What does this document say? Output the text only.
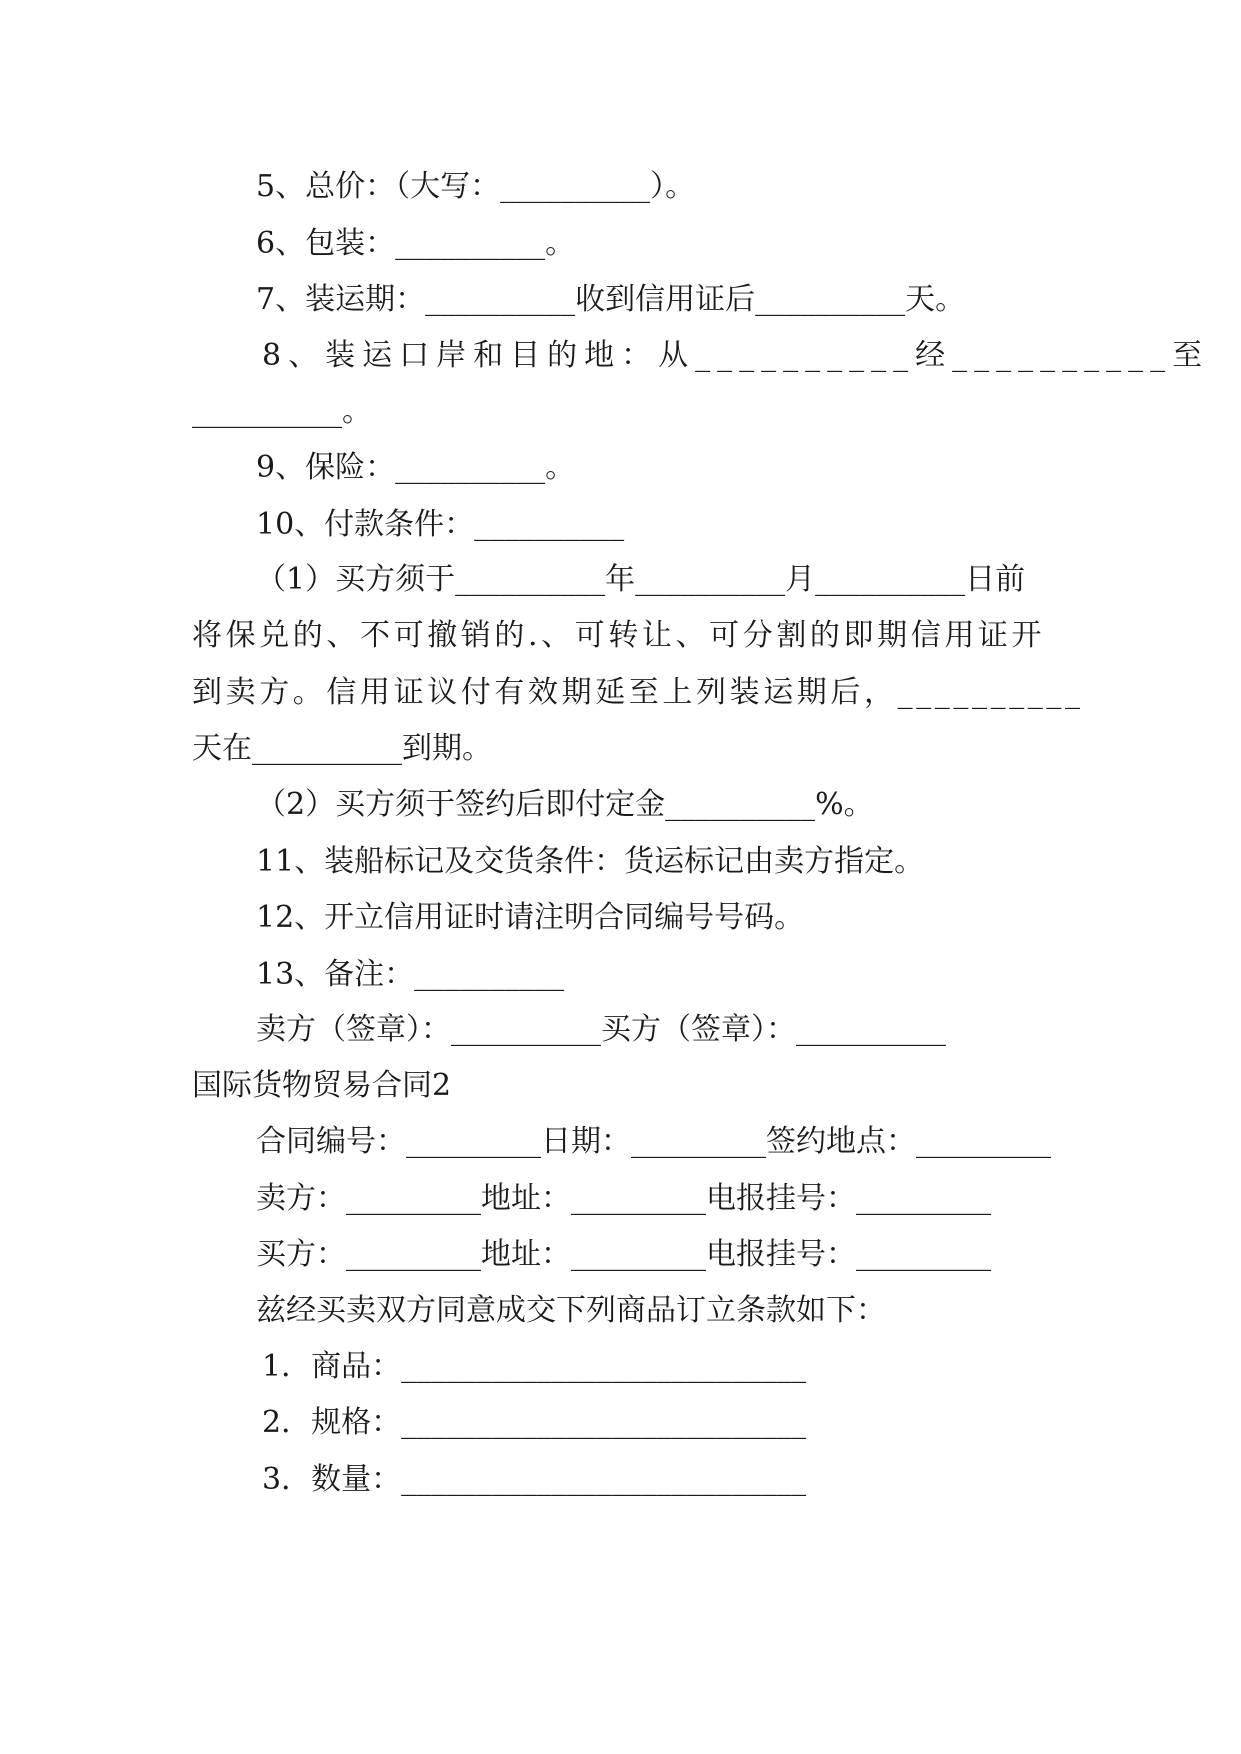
5、总价：（大写：__________）。
6、包装：__________。
7、装运期：__________收到信用证后__________天。
8、装运口岸和目的地：从__________经__________至
__________。
9、保险：__________。
10、付款条件：__________
（1）买方须于__________年__________月__________日前
将保兑的、不可撤销的.、可转让、可分割的即期信用证开
到卖方。信用证议付有效期延至上列装运期后，__________
天在__________到期。
（2）买方须于签约后即付定金__________%。
11、装船标记及交货条件：货运标记由卖方指定。
12、开立信用证时请注明合同编号号码。
13、备注：__________
卖方（签章）：__________买方（签章）：__________
国际货物贸易合同2
合同编号：_________日期：_________签约地点：_________
卖方：_________地址：_________电报挂号：_________
买方：_________地址：_________电报挂号：_________
兹经买卖双方同意成交下列商品订立条款如下：
1．商品：___________________________
2．规格：___________________________
3．数量：___________________________
